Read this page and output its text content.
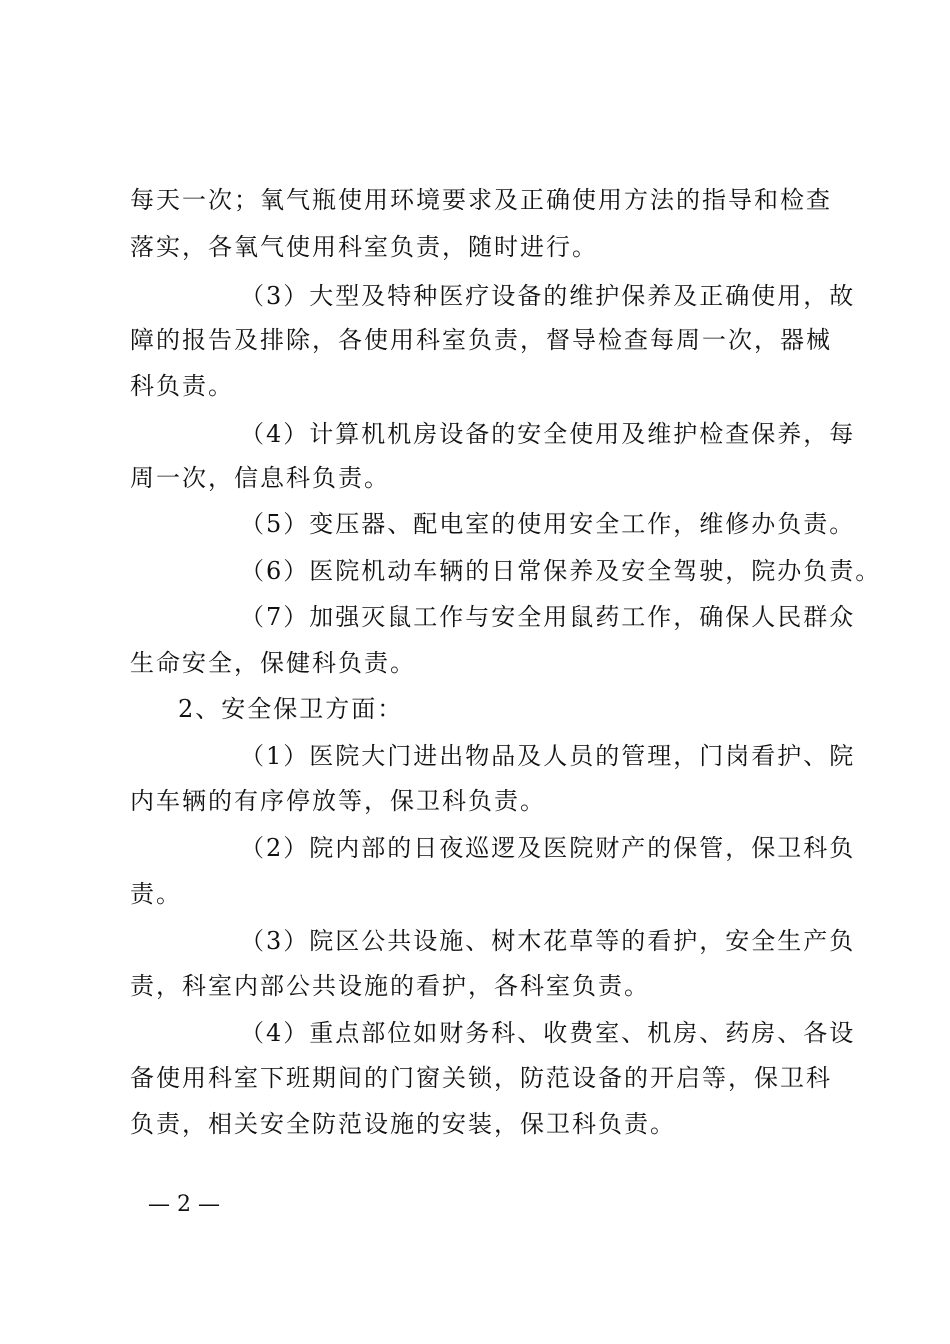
每天一次；氧气瓶使用环境要求及正确使用方法的指导和检查
落实，各氧气使用科室负责，随时进行。
（3）大型及特种医疗设备的维护保养及正确使用，故
障的报告及排除，各使用科室负责，督导检查每周一次，器械
科负责。
（4）计算机机房设备的安全使用及维护检查保养，每
周一次，信息科负责。
（5）变压器、配电室的使用安全工作，维修办负责。
（6）医院机动车辆的日常保养及安全驾驶，院办负责。
（7）加强灭鼠工作与安全用鼠药工作，确保人民群众
生命安全，保健科负责。
2、安全保卫方面：
（1）医院大门进出物品及人员的管理，门岗看护、院
内车辆的有序停放等，保卫科负责。
（2）院内部的日夜巡逻及医院财产的保管，保卫科负
责。
（3）院区公共设施、树木花草等的看护，安全生产负
责，科室内部公共设施的看护，各科室负责。
（4）重点部位如财务科、收费室、机房、药房、各设
备使用科室下班期间的门窗关锁，防范设备的开启等，保卫科
负责，相关安全防范设施的安装，保卫科负责。
— 2 —
